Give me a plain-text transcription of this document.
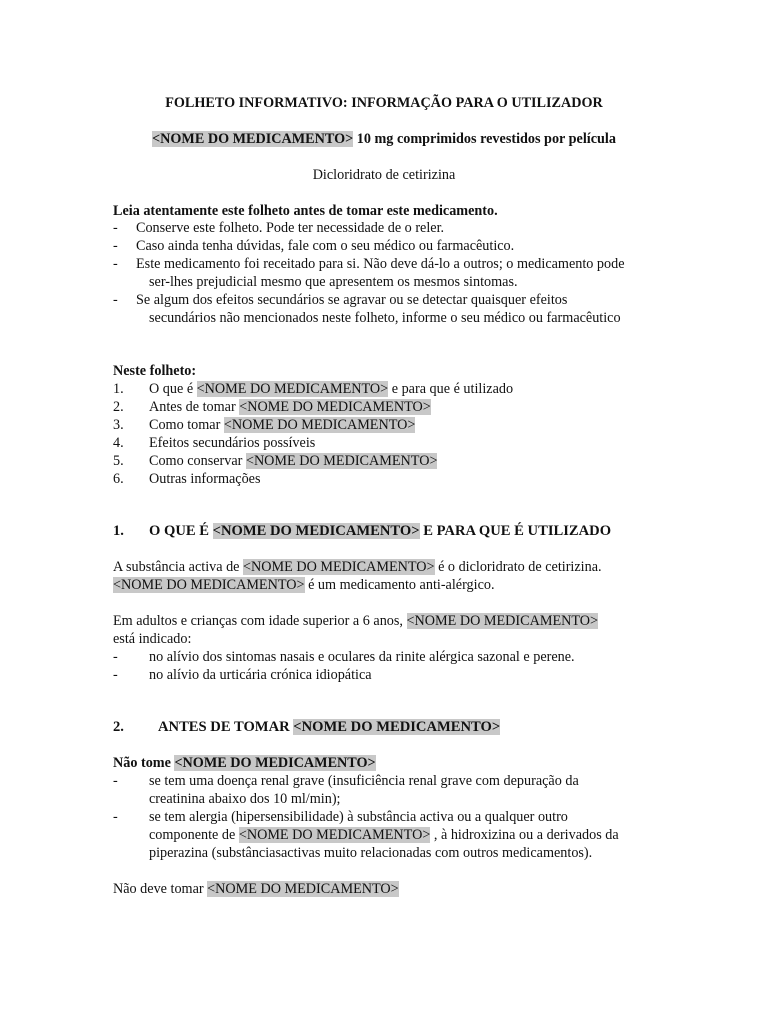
FOLHETO INFORMATIVO: INFORMAÇÃO PARA O UTILIZADOR
<NOME DO MEDICAMENTO> 10 mg comprimidos revestidos por película
Dicloridrato de cetirizina
Leia atentamente este folheto antes de tomar este medicamento.
- Conserve este folheto. Pode ter necessidade de o reler.
- Caso ainda tenha dúvidas, fale com o seu médico ou farmacêutico.
- Este medicamento foi receitado para si. Não deve dá-lo a outros; o medicamento pode
ser-lhes prejudicial mesmo que apresentem os mesmos sintomas.
- Se algum dos efeitos secundários se agravar ou se detectar quaisquer efeitos
secundários não mencionados neste folheto, informe o seu médico ou farmacêutico
Neste folheto:
1. O que é <NOME DO MEDICAMENTO> e para que é utilizado
2. Antes de tomar <NOME DO MEDICAMENTO>
3. Como tomar <NOME DO MEDICAMENTO>
4. Efeitos secundários possíveis
5. Como conservar <NOME DO MEDICAMENTO>
6. Outras informações
1. O QUE É <NOME DO MEDICAMENTO> E PARA QUE É UTILIZADO
A substância activa de <NOME DO MEDICAMENTO> é o dicloridrato de cetirizina.
<NOME DO MEDICAMENTO> é um medicamento anti-alérgico.
Em adultos e crianças com idade superior a 6 anos, <NOME DO MEDICAMENTO>
está indicado:
- no alívio dos sintomas nasais e oculares da rinite alérgica sazonal e perene.
- no alívio da urticária crónica idiopática
2. ANTES DE TOMAR <NOME DO MEDICAMENTO>
Não tome <NOME DO MEDICAMENTO>
- se tem uma doença renal grave (insuficiência renal grave com depuração da
creatinina abaixo dos 10 ml/min);
- se tem alergia (hipersensibilidade) à substância activa ou a qualquer outro
componente de <NOME DO MEDICAMENTO> , à hidroxizina ou a derivados da
piperazina (substânciasactivas muito relacionadas com outros medicamentos).
Não deve tomar <NOME DO MEDICAMENTO>
